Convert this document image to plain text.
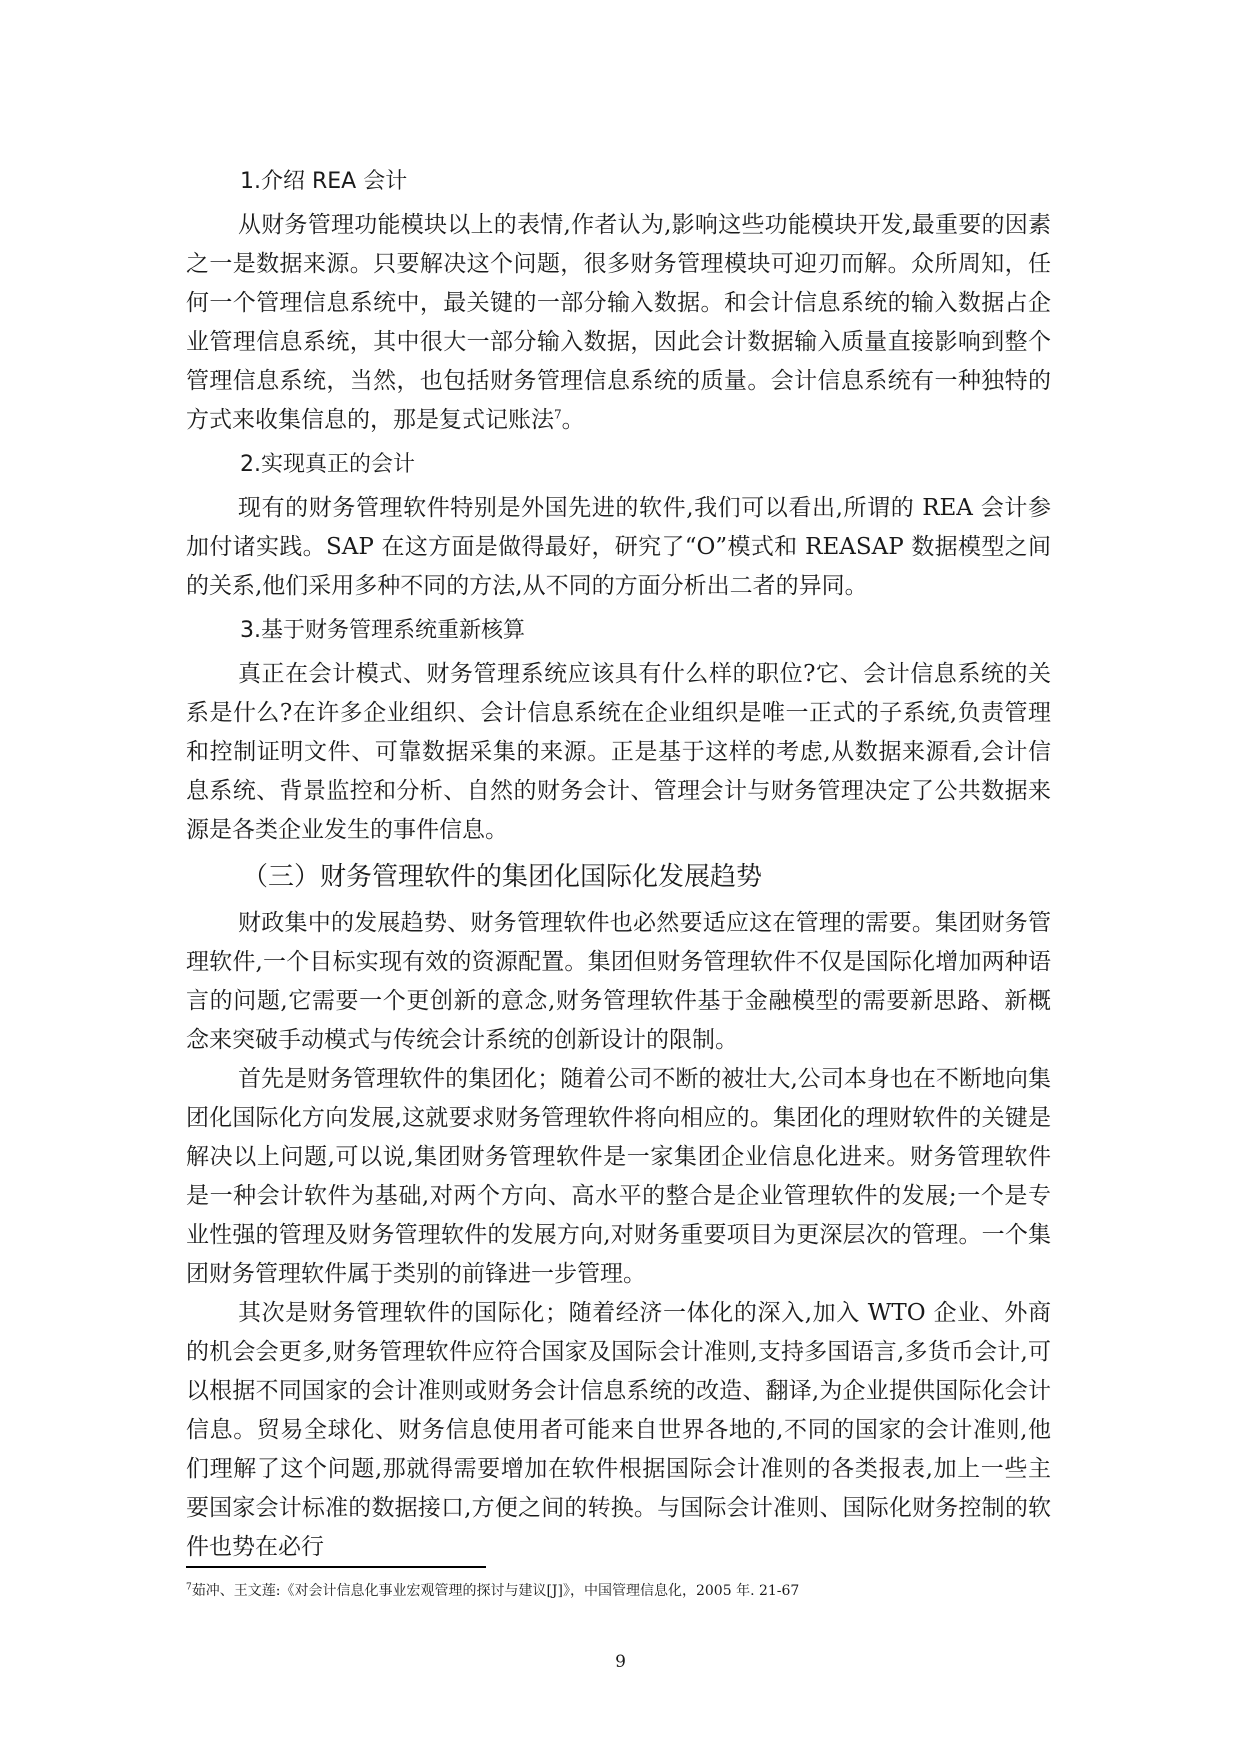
1.介绍 REA 会计

从财务管理功能模块以上的表情,作者认为,影响这些功能模块开发,最重要的因素之一是数据来源。只要解决这个问题，很多财务管理模块可迎刃而解。众所周知，任何一个管理信息系统中，最关键的一部分输入数据。和会计信息系统的输入数据占企业管理信息系统，其中很大一部分输入数据，因此会计数据输入质量直接影响到整个管理信息系统，当然，也包括财务管理信息系统的质量。会计信息系统有一种独特的方式来收集信息的，那是复式记账法$^7$。

2.实现真正的会计

现有的财务管理软件特别是外国先进的软件,我们可以看出,所谓的 REA 会计参加付诸实践。SAP 在这方面是做得最好，研究了“O”模式和 REASAP 数据模型之间的关系,他们采用多种不同的方法,从不同的方面分析出二者的异同。

3.基于财务管理系统重新核算

真正在会计模式、财务管理系统应该具有什么样的职位?它、会计信息系统的关系是什么?在许多企业组织、会计信息系统在企业组织是唯一正式的子系统,负责管理和控制证明文件、可靠数据采集的来源。正是基于这样的考虑,从数据来源看,会计信息系统、背景监控和分析、自然的财务会计、管理会计与财务管理决定了公共数据来源是各类企业发生的事件信息。

（三）财务管理软件的集团化国际化发展趋势

财政集中的发展趋势、财务管理软件也必然要适应这在管理的需要。集团财务管理软件,一个目标实现有效的资源配置。集团但财务管理软件不仅是国际化增加两种语言的问题,它需要一个更创新的意念,财务管理软件基于金融模型的需要新思路、新概念来突破手动模式与传统会计系统的创新设计的限制。

首先是财务管理软件的集团化；随着公司不断的被壮大,公司本身也在不断地向集团化国际化方向发展,这就要求财务管理软件将向相应的。集团化的理财软件的关键是解决以上问题,可以说,集团财务管理软件是一家集团企业信息化进来。财务管理软件是一种会计软件为基础,对两个方向、高水平的整合是企业管理软件的发展;一个是专业性强的管理及财务管理软件的发展方向,对财务重要项目为更深层次的管理。一个集团财务管理软件属于类别的前锋进一步管理。

其次是财务管理软件的国际化；随着经济一体化的深入,加入 WTO 企业、外商的机会会更多,财务管理软件应符合国家及国际会计准则,支持多国语言,多货币会计,可以根据不同国家的会计准则或财务会计信息系统的改造、翻译,为企业提供国际化会计信息。贸易全球化、财务信息使用者可能来自世界各地的,不同的国家的会计准则,他们理解了这个问题,那就得需要增加在软件根据国际会计准则的各类报表,加上一些主要国家会计标准的数据接口,方便之间的转换。与国际会计准则、国际化财务控制的软件也势在必行

$^7$茹冲、王文莲:《对会计信息化事业宏观管理的探讨与建议[J]》，中国管理信息化，2005 年. 21-67
9
